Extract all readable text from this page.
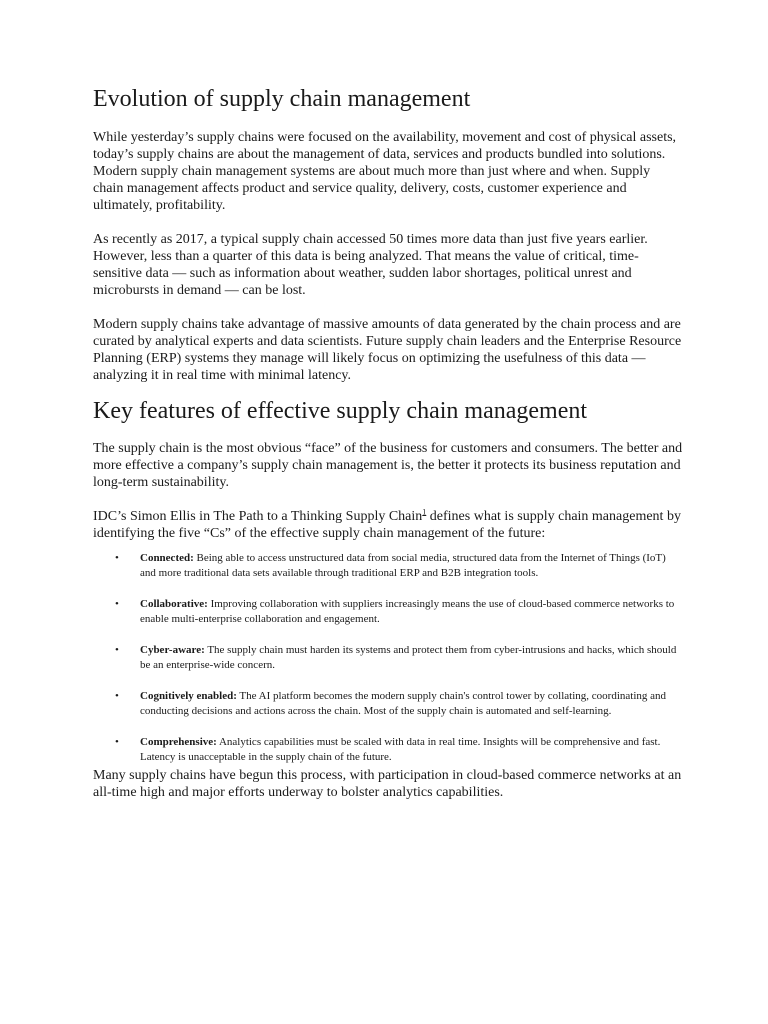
Evolution of supply chain management

While yesterday’s supply chains were focused on the availability, movement and cost of physical assets, today’s supply chains are about the management of data, services and products bundled into solutions. Modern supply chain management systems are about much more than just where and when. Supply chain management affects product and service quality, delivery, costs, customer experience and ultimately, profitability.

As recently as 2017, a typical supply chain accessed 50 times more data than just five years earlier. However, less than a quarter of this data is being analyzed. That means the value of critical, time-sensitive data — such as information about weather, sudden labor shortages, political unrest and microbursts in demand — can be lost.

Modern supply chains take advantage of massive amounts of data generated by the chain process and are curated by analytical experts and data scientists. Future supply chain leaders and the Enterprise Resource Planning (ERP) systems they manage will likely focus on optimizing the usefulness of this data — analyzing it in real time with minimal latency.

Key features of effective supply chain management

The supply chain is the most obvious “face” of the business for customers and consumers. The better and more effective a company’s supply chain management is, the better it protects its business reputation and long-term sustainability.

IDC’s Simon Ellis in The Path to a Thinking Supply Chain$^1$ defines what is supply chain management by identifying the five “Cs” of the effective supply chain management of the future:

• Connected: Being able to access unstructured data from social media, structured data from the Internet of Things (IoT) and more traditional data sets available through traditional ERP and B2B integration tools.
• Collaborative: Improving collaboration with suppliers increasingly means the use of cloud-based commerce networks to enable multi-enterprise collaboration and engagement.
• Cyber-aware: The supply chain must harden its systems and protect them from cyber-intrusions and hacks, which should be an enterprise-wide concern.
• Cognitively enabled: The AI platform becomes the modern supply chain's control tower by collating, coordinating and conducting decisions and actions across the chain. Most of the supply chain is automated and self-learning.
• Comprehensive: Analytics capabilities must be scaled with data in real time. Insights will be comprehensive and fast. Latency is unacceptable in the supply chain of the future.

Many supply chains have begun this process, with participation in cloud-based commerce networks at an all-time high and major efforts underway to bolster analytics capabilities.
